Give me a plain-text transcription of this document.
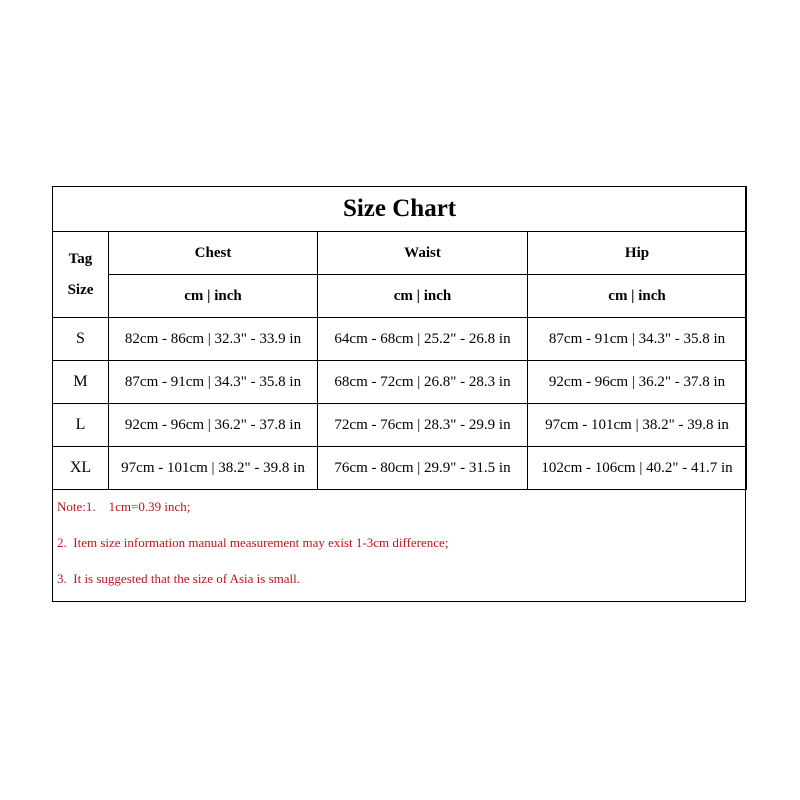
Size Chart			

Tag
Size	Chest	Waist	Hip
	cm | inch	cm | inch	cm | inch
S	82cm - 86cm | 32.3" - 33.9 in	64cm - 68cm | 25.2" - 26.8 in	87cm - 91cm | 34.3" - 35.8 in
M	87cm - 91cm | 34.3" - 35.8 in	68cm - 72cm | 26.8" - 28.3 in	92cm - 96cm | 36.2" - 37.8 in
L	92cm - 96cm | 36.2" - 37.8 in	72cm - 76cm | 28.3" - 29.9 in	97cm - 101cm | 38.2" - 39.8 in
XL	97cm - 101cm | 38.2" - 39.8 in	76cm - 80cm | 29.9" - 31.5 in	102cm - 106cm | 40.2" - 41.7 in
Note:1.    1cm=0.39 inch;
2.  Item size information manual measurement may exist 1-3cm difference;
3.  It is suggested that the size of Asia is small.
